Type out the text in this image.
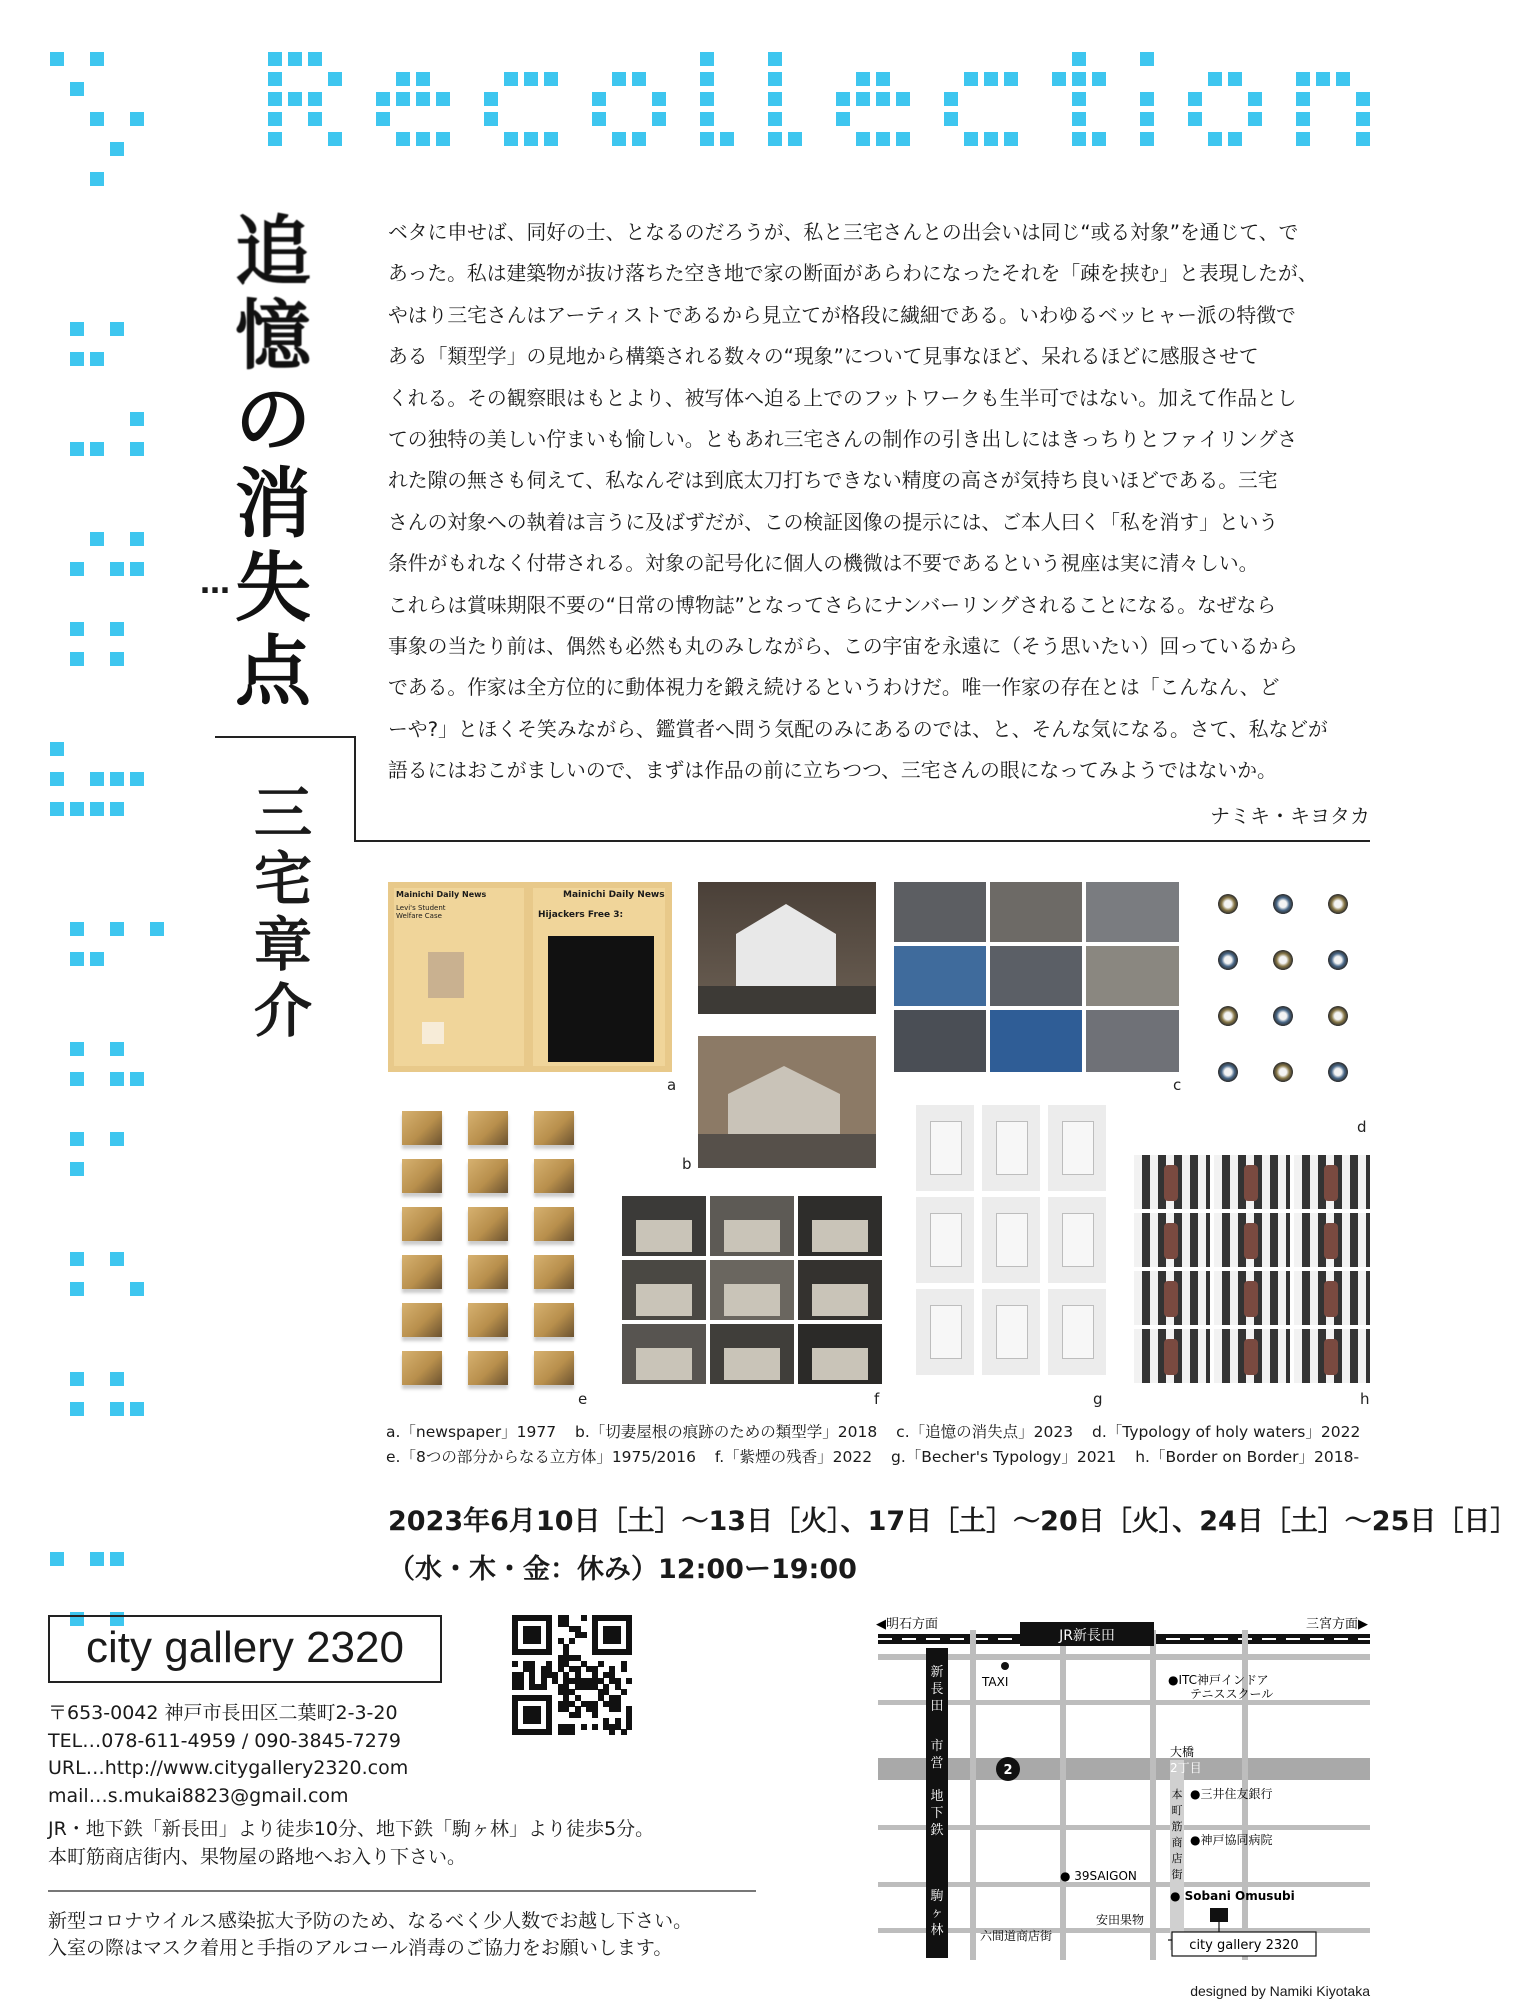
追
憶
の
消
失
点
…
三
宅
章
介

ベタに申せば、同好の士、となるのだろうが、私と三宅さんとの出会いは同じ“或る対象”を通じて、で

あった。私は建築物が抜け落ちた空き地で家の断面があらわになったそれを「疎を挟む」と表現したが、

やはり三宅さんはアーティストであるから見立てが格段に繊細である。いわゆるベッヒャー派の特徴で

ある「類型学」の見地から構築される数々の“現象”について見事なほど、呆れるほどに感服させて

くれる。その観察眼はもとより、被写体へ迫る上でのフットワークも生半可ではない。加えて作品とし

ての独特の美しい佇まいも愉しい。ともあれ三宅さんの制作の引き出しにはきっちりとファイリングさ

れた隙の無さも伺えて、私なんぞは到底太刀打ちできない精度の高さが気持ち良いほどである。三宅

さんの対象への執着は言うに及ばずだが、この検証図像の提示には、ご本人曰く「私を消す」という

条件がもれなく付帯される。対象の記号化に個人の機微は不要であるという視座は実に清々しい。

これらは賞味期限不要の“日常の博物誌”となってさらにナンバーリングされることになる。なぜなら

事象の当たり前は、偶然も必然も丸のみしながら、この宇宙を永遠に（そう思いたい）回っているから

である。作家は全方位的に動体視力を鍛え続けるというわけだ。唯一作家の存在とは「こんなん、ど

ーや?」とほくそ笑みながら、鑑賞者へ問う気配のみにあるのでは、と、そんな気になる。さて、私などが

語るにはおこがましいので、まずは作品の前に立ちつつ、三宅さんの眼になってみようではないか。

ナミキ・キヨタカ
Mainichi Daily News
Levi's Student Welfare Case
Mainichi Daily News
Hijackers Free 3:
a
b
c
d
e	f	g	h
a.「newspaper」1977 b.「切妻屋根の痕跡のための類型学」2018 c.「追憶の消失点」2023 d.「Typology of holy waters」2022
e.「8つの部分からなる立方体」1975/2016 f.「紫煙の残香」2022 g.「Becher's Typology」2021 h.「Border on Border」2018-
2023年6月10日［土］〜13日［火］、17日［土］〜20日［火］、24日［土］〜25日［日］
（水・木・金：休み）12:00ー19:00
city gallery 2320
〒653-0042 神戸市長田区二葉町2-3-20
TEL…078-611-4959 / 090-3845-7279
URL…http://www.citygallery2320.com
mail…s.mukai8823@gmail.com
JR・地下鉄「新長田」より徒歩10分、地下鉄「駒ヶ林」より徒歩5分。
本町筋商店街内、果物屋の路地へお入り下さい。
新型コロナウイルス感染拡大予防のため、なるべく少人数でお越し下さい。
入室の際はマスク着用と手指のアルコール消毒のご協力をお願いします。
JR新長田
◀明石方面	三宮方面▶
新
長
田
市
営
地
下
鉄
駒
ヶ
林
TAXI	●ITC神戸インドア
テニススクール
2
大橋
2丁目
●三井住友銀行
●神戸協同病院
本
町
筋
商
店
街
● 39SAIGON
● Sobani Omusubi
安田果物
六間道商店街
city gallery 2320
designed by Namiki Kiyotaka
